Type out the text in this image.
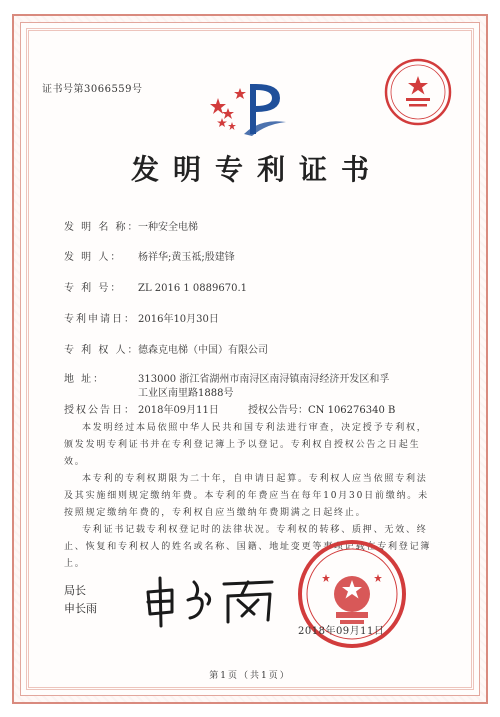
证书号第3066559号
发明专利证书
发 明 名 称：一种安全电梯
发 明 人： 杨祥华;黄玉祗;殷建锋
专 利 号： ZL 2016 1 0889670.1
专利申请日： 2016年10月30日
专 利 权 人：德森克电梯（中国）有限公司
地 址：	313000 浙江省湖州市南浔区南浔镇南浔经济开发区和孚
工业区南里路1888号
授权公告日： 2018年09月11日	授权公告号：CN 106276340 B

本发明经过本局依照中华人民共和国专利法进行审查，决定授予专利权，颁发发明专利证书并在专利登记簿上予以登记。专利权自授权公告之日起生效。

本专利的专利权期限为二十年，自申请日起算。专利权人应当依照专利法及其实施细则规定缴纳年费。本专利的年费应当在每年10月30日前缴纳。未按照规定缴纳年费的，专利权自应当缴纳年费期满之日起终止。

专利证书记载专利权登记时的法律状况。专利权的转移、质押、无效、终止、恢复和专利权人的姓名或名称、国籍、地址变更等事项记载在专利登记簿上。

局长
申长雨
2018年09月11日
第1页（共1页）
